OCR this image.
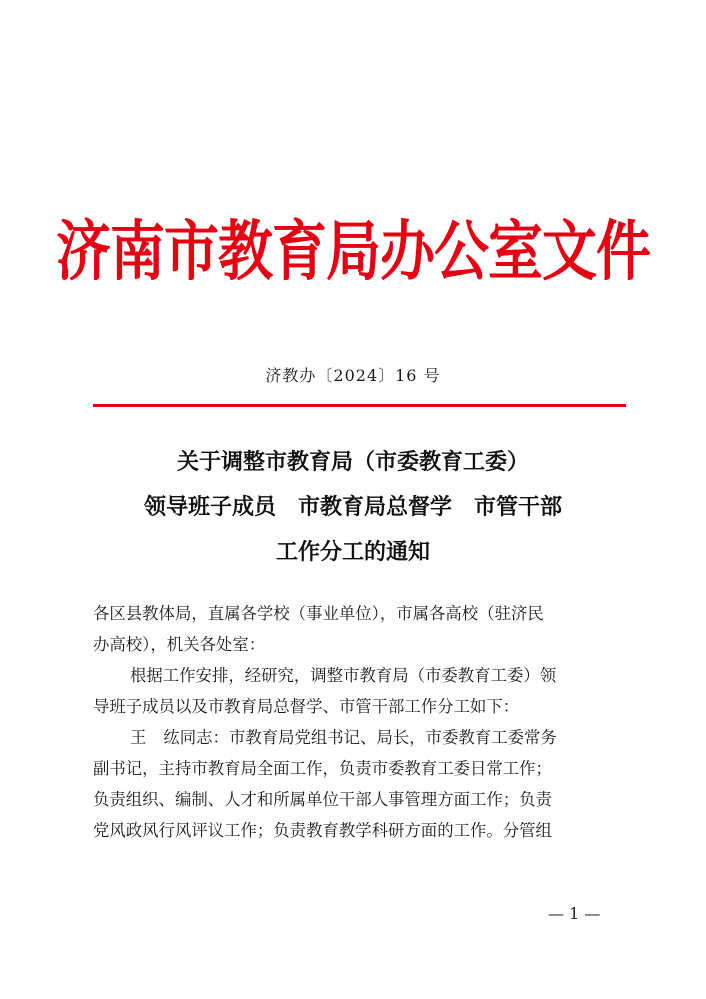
济南市教育局办公室文件
济教办〔2024〕16 号
关于调整市教育局（市委教育工委）
领导班子成员 市教育局总督学 市管干部
工作分工的通知
各区县教体局，直属各学校（事业单位），市属各高校（驻济民
办高校），机关各处室：
根据工作安排，经研究，调整市教育局（市委教育工委）领
导班子成员以及市教育局总督学、市管干部工作分工如下：
王 纮同志：市教育局党组书记、局长，市委教育工委常务
副书记，主持市教育局全面工作，负责市委教育工委日常工作；
负责组织、编制、人才和所属单位干部人事管理方面工作；负责
党风政风行风评议工作；负责教育教学科研方面的工作。分管组
— 1 —
